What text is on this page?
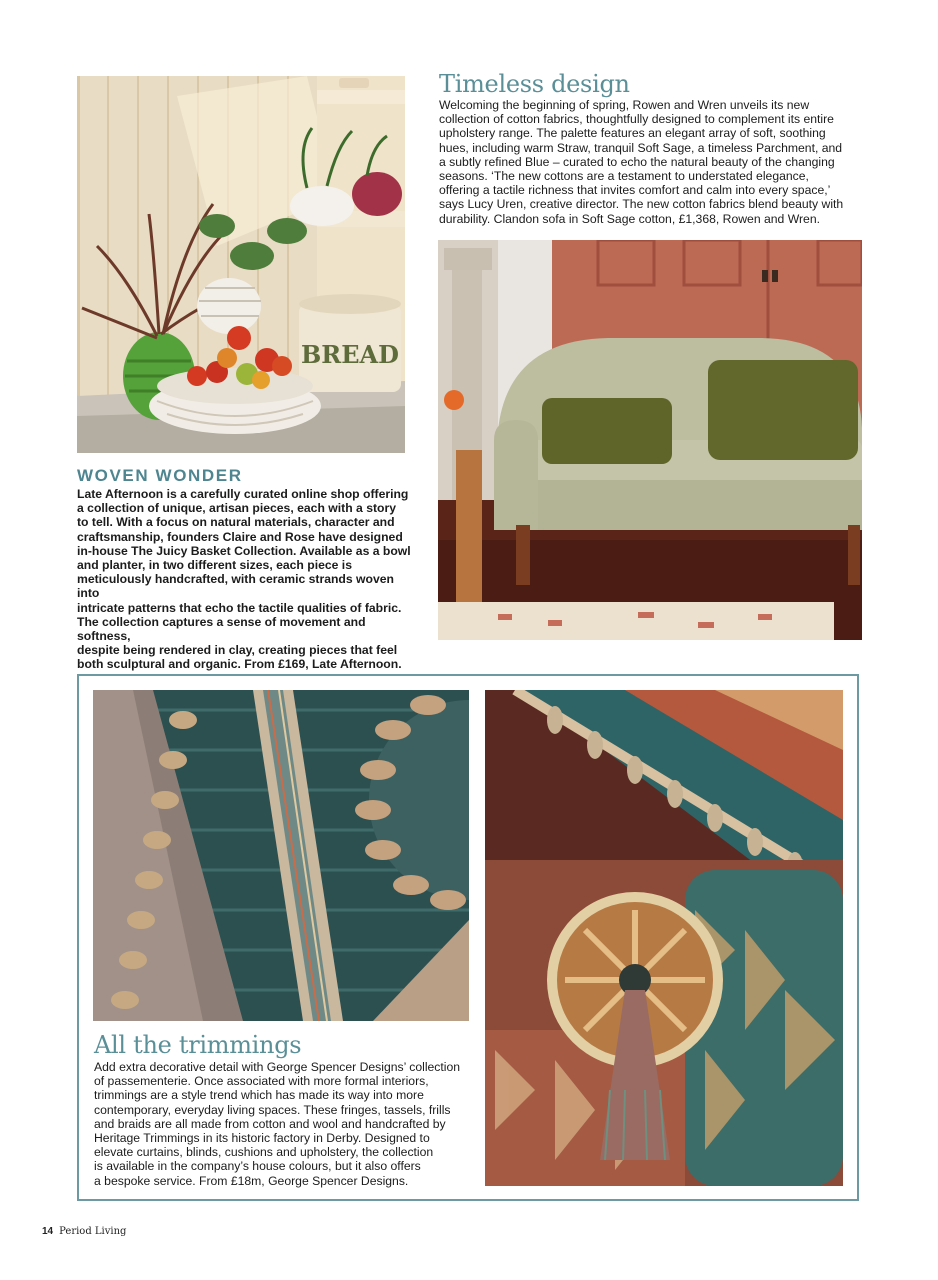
BREAD
WOVEN WONDER
Late Afternoon is a carefully curated online shop offering
a collection of unique, artisan pieces, each with a story
to tell. With a focus on natural materials, character and
craftsmanship, founders Claire and Rose have designed
in-house The Juicy Basket Collection. Available as a bowl
and planter, in two different sizes, each piece is
meticulously handcrafted, with ceramic strands woven into
intricate patterns that echo the tactile qualities of fabric.
The collection captures a sense of movement and softness,
despite being rendered in clay, creating pieces that feel
both sculptural and organic. From £169, Late Afternoon.
Timeless design
Welcoming the beginning of spring, Rowen and Wren unveils its new
collection of cotton fabrics, thoughtfully designed to complement its entire
upholstery range. The palette features an elegant array of soft, soothing
hues, including warm Straw, tranquil Soft Sage, a timeless Parchment, and
a subtly refined Blue – curated to echo the natural beauty of the changing
seasons. ‘The new cottons are a testament to understated elegance,
offering a tactile richness that invites comfort and calm into every space,’
says Lucy Uren, creative director. The new cotton fabrics blend beauty with
durability. Clandon sofa in Soft Sage cotton, £1,368, Rowen and Wren.
All the trimmings
Add extra decorative detail with George Spencer Designs’ collection
of passementerie. Once associated with more formal interiors,
trimmings are a style trend which has made its way into more
contemporary, everyday living spaces. These fringes, tassels, frills
and braids are all made from cotton and wool and handcrafted by
Heritage Trimmings in its historic factory in Derby. Designed to
elevate curtains, blinds, cushions and upholstery, the collection
is available in the company’s house colours, but it also offers
a bespoke service. From £18m, George Spencer Designs.
14 Period Living
